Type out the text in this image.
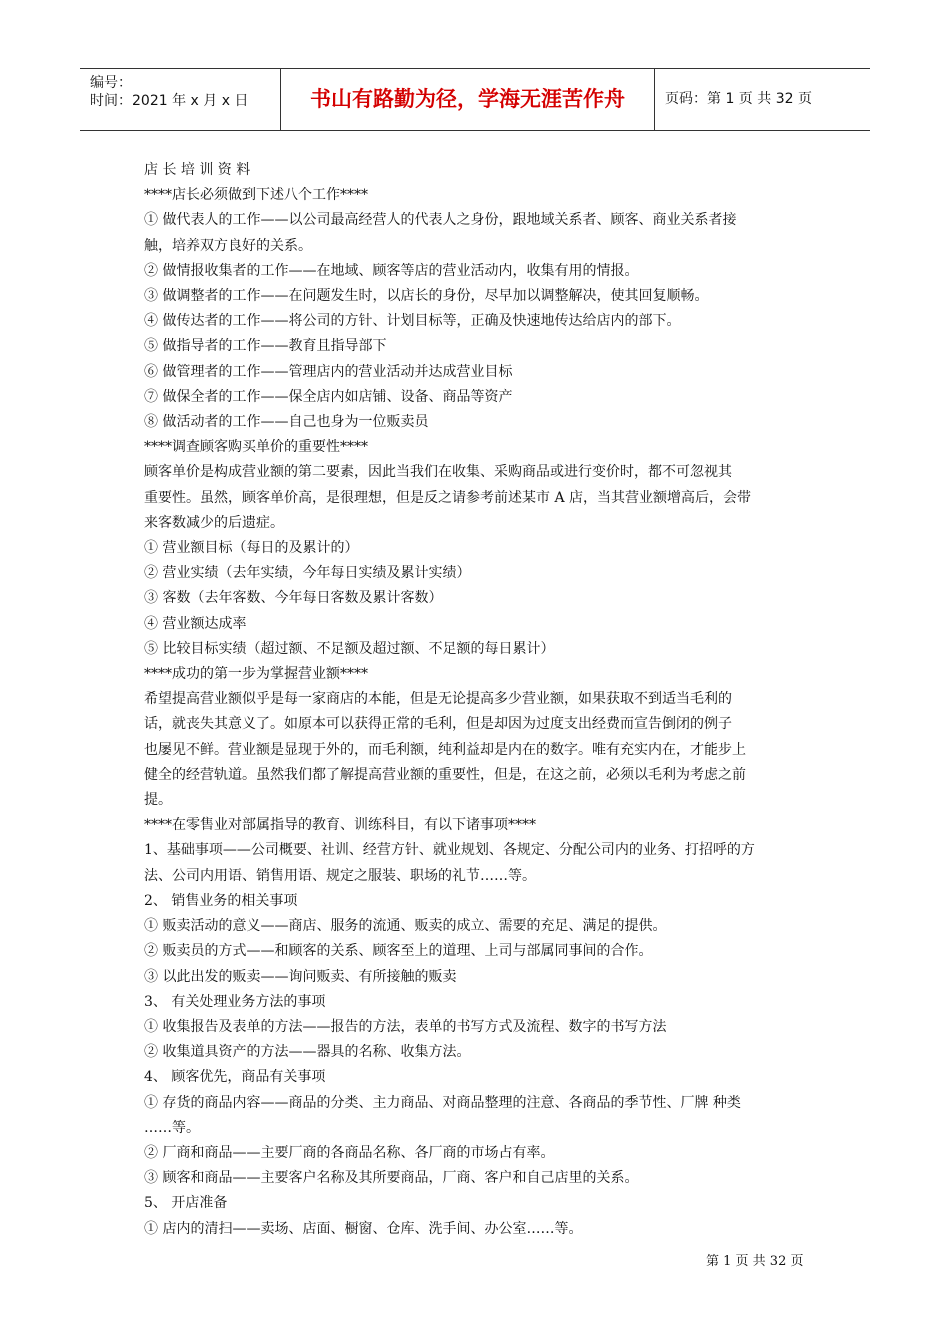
编号：
时间：2021 年 x 月 x 日	书山有路勤为径，学海无涯苦作舟	页码：第 1 页 共 32 页
店 长 培 训 资 料
****店长必须做到下述八个工作****
① 做代表人的工作——以公司最高经营人的代表人之身份，跟地域关系者、顾客、商业关系者接
触，培养双方良好的关系。
② 做情报收集者的工作——在地域、顾客等店的营业活动内，收集有用的情报。
③ 做调整者的工作——在问题发生时，以店长的身份，尽早加以调整解决，使其回复顺畅。
④ 做传达者的工作——将公司的方针、计划目标等，正确及快速地传达给店内的部下。
⑤ 做指导者的工作——教育且指导部下
⑥ 做管理者的工作——管理店内的营业活动并达成营业目标
⑦ 做保全者的工作——保全店内如店铺、设备、商品等资产
⑧ 做活动者的工作——自己也身为一位贩卖员
****调查顾客购买单价的重要性****
顾客单价是构成营业额的第二要素，因此当我们在收集、采购商品或进行变价时，都不可忽视其
重要性。虽然，顾客单价高，是很理想，但是反之请参考前述某市 A 店，当其营业额增高后，会带
来客数减少的后遗症。
① 营业额目标（每日的及累计的）
② 营业实绩（去年实绩，今年每日实绩及累计实绩）
③ 客数（去年客数、今年每日客数及累计客数）
④ 营业额达成率
⑤ 比较目标实绩（超过额、不足额及超过额、不足额的每日累计）
****成功的第一步为掌握营业额****
希望提高营业额似乎是每一家商店的本能，但是无论提高多少营业额，如果获取不到适当毛利的
话，就丧失其意义了。如原本可以获得正常的毛利，但是却因为过度支出经费而宣告倒闭的例子
也屡见不鲜。营业额是显现于外的，而毛利额，纯利益却是内在的数字。唯有充实内在，才能步上
健全的经营轨道。虽然我们都了解提高营业额的重要性，但是，在这之前，必须以毛利为考虑之前
提。
****在零售业对部属指导的教育、训练科目，有以下诸事项****
1、基础事项——公司概要、社训、经营方针、就业规划、各规定、分配公司内的业务、打招呼的方
法、公司内用语、销售用语、规定之服装、职场的礼节……等。
2、 销售业务的相关事项
① 贩卖活动的意义——商店、服务的流通、贩卖的成立、需要的充足、满足的提供。
② 贩卖员的方式——和顾客的关系、顾客至上的道理、上司与部属同事间的合作。
③ 以此出发的贩卖——询问贩卖、有所接触的贩卖
3、 有关处理业务方法的事项
① 收集报告及表单的方法——报告的方法，表单的书写方式及流程、数字的书写方法
② 收集道具资产的方法——器具的名称、收集方法。
4、 顾客优先，商品有关事项
① 存货的商品内容——商品的分类、主力商品、对商品整理的注意、各商品的季节性、厂牌 种类
……等。
② 厂商和商品——主要厂商的各商品名称、各厂商的市场占有率。
③ 顾客和商品——主要客户名称及其所要商品，厂商、客户和自己店里的关系。
5、 开店准备
① 店内的清扫——卖场、店面、橱窗、仓库、洗手间、办公室……等。
第 1 页 共 32 页
